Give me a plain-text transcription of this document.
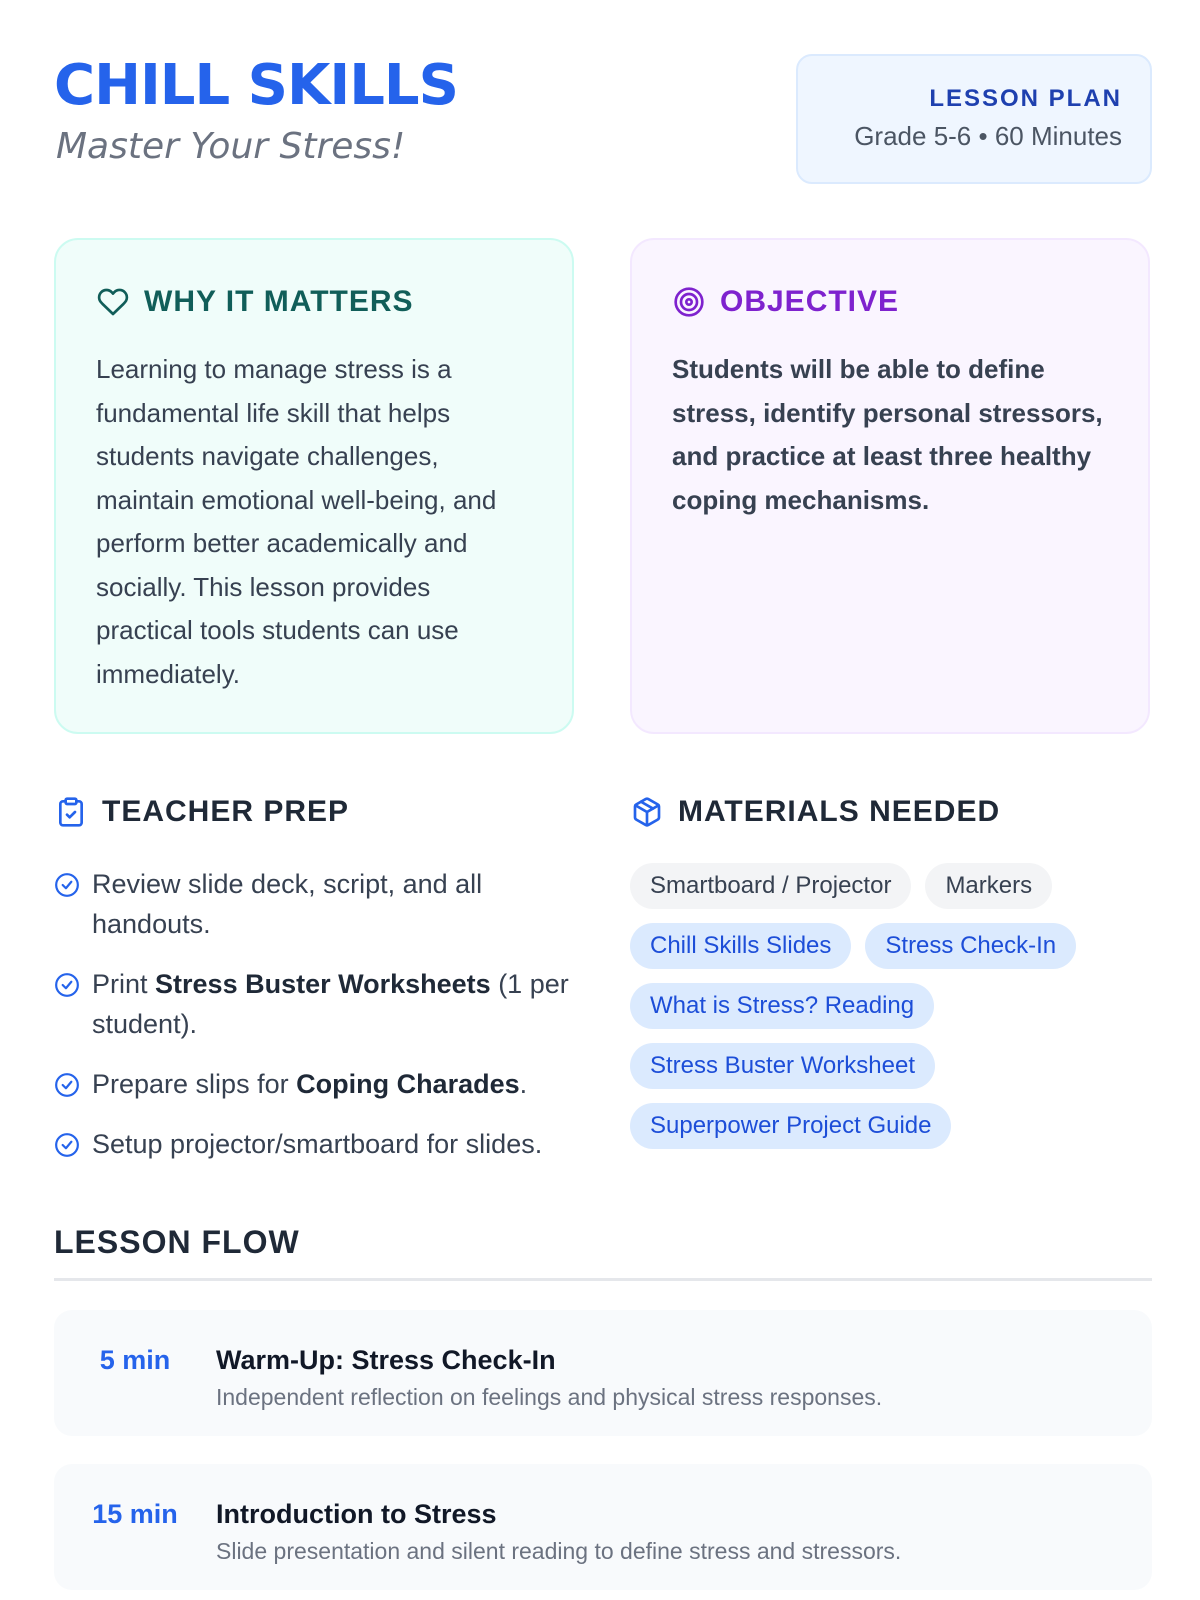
CHILL SKILLS
Master Your Stress!
LESSON PLAN
Grade 5-6 • 60 Minutes
WHY IT MATTERS

Learning to manage stress is a fundamental life skill that helps students navigate challenges, maintain emotional well-being, and perform better academically and socially. This lesson provides practical tools students can use immediately.

OBJECTIVE

Students will be able to define stress, identify personal stressors, and practice at least three healthy coping mechanisms.

TEACHER PREP
Review slide deck, script, and all handouts.
Print Stress Buster Worksheets (1 per student).
Prepare slips for Coping Charades.
Setup projector/smartboard for slides.
MATERIALS NEEDED
Smartboard / Projector	Markers
Chill Skills Slides	Stress Check-In
What is Stress? Reading
Stress Buster Worksheet
Superpower Project Guide
LESSON FLOW
5 min	Warm-Up: Stress Check-In
Independent reflection on feelings and physical stress responses.
15 min	Introduction to Stress
Slide presentation and silent reading to define stress and stressors.
